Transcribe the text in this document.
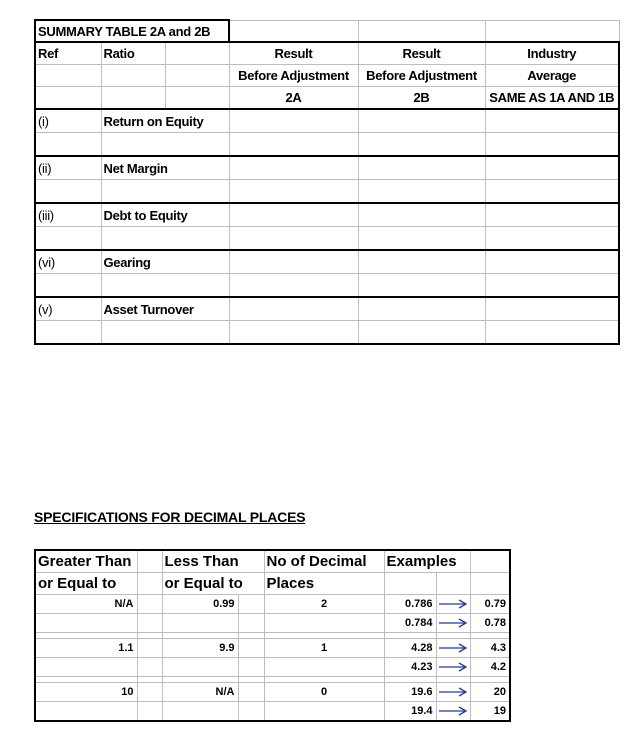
SUMMARY TABLE 2A and 2B					
Ref	Ratio		Result	Result	Industry
			Before Adjustment	Before Adjustment	Average
			2A	2B	SAME AS 1A AND 1B
(i)	Return on Equity				

(ii)	Net Margin				

(iii)	Debt to Equity				

(vi)	Gearing				

(v)	Asset Turnover				

SPECIFICATIONS FOR DECIMAL PLACES
Greater Than		Less Than		No of Decimal	Examples		
or Equal to		or Equal to		Places			
N/A		0.99		2	0.786		0.79
					0.784		0.78

1.1		9.9		1	4.28		4.3
					4.23		4.2

10		N/A		0	19.6		20
					19.4		19
